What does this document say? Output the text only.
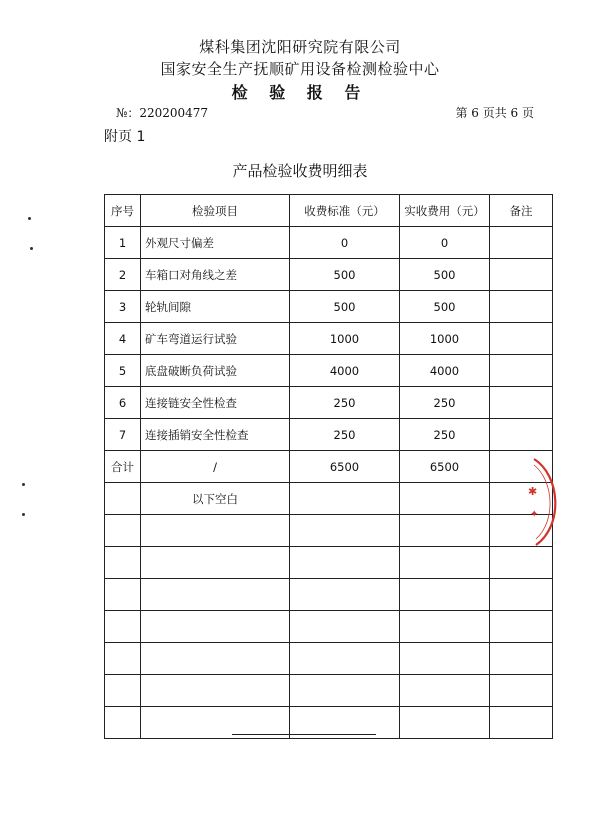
煤科集团沈阳研究院有限公司
国家安全生产抚顺矿用设备检测检验中心
检 验 报 告
№：220200477	第 6 页共 6 页
附页 1
产品检验收费明细表
序号	检验项目	收费标准（元）	实收费用（元）	备注
1	外观尺寸偏差	0	0	
2	车箱口对角线之差	500	500	
3	轮轨间隙	500	500	
4	矿车弯道运行试验	1000	1000	
5	底盘破断负荷试验	4000	4000	
6	连接链安全性检查	250	250	
7	连接插销安全性检查	250	250	
合计	/	6500	6500	
	以下空白			

					✱
✦
